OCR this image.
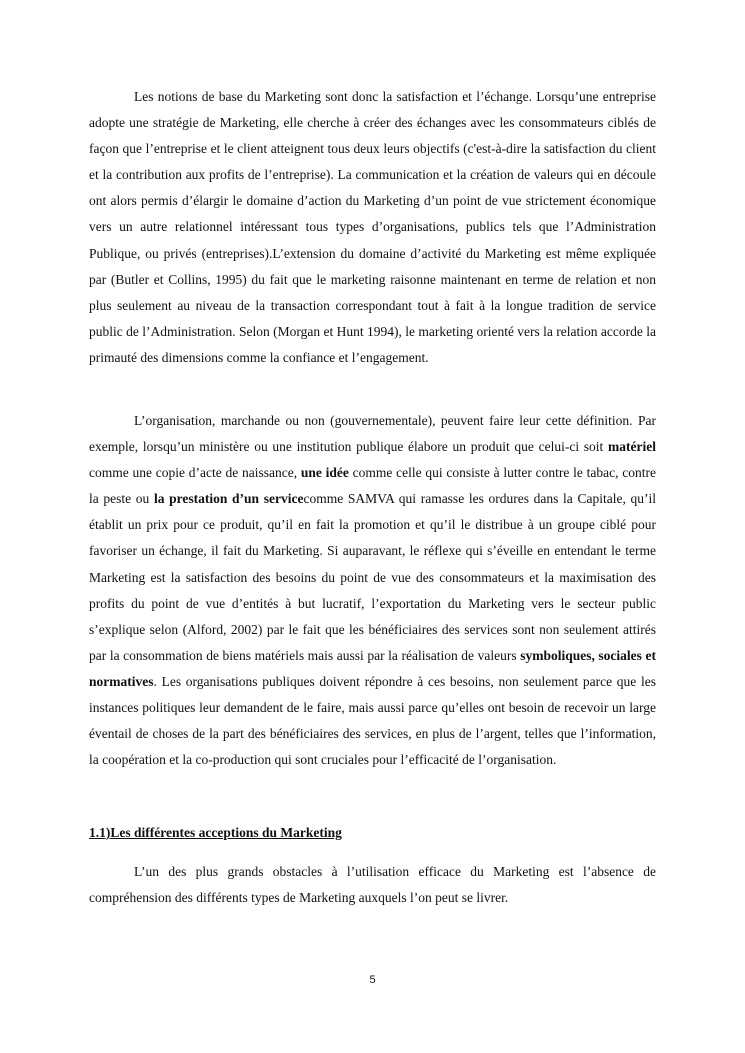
Les notions de base du Marketing sont donc la satisfaction et l’échange. Lorsqu’une entreprise adopte une stratégie de Marketing, elle cherche à créer des échanges avec les consommateurs ciblés de façon que l’entreprise et le client atteignent tous deux leurs objectifs (c'est-à-dire la satisfaction du client et la contribution aux profits de l’entreprise). La communication et la création de valeurs qui en découle ont alors permis d’élargir le domaine d’action du Marketing d’un point de vue strictement économique vers un autre relationnel intéressant tous types d’organisations, publics tels que l’Administration Publique, ou privés (entreprises).L’extension du domaine d’activité du Marketing est même expliquée par (Butler et Collins, 1995) du fait que le marketing raisonne maintenant en terme de relation et non plus seulement au niveau de la transaction correspondant tout à fait à la longue tradition de service public de l’Administration. Selon (Morgan et Hunt 1994), le marketing orienté vers la relation accorde la primauté des dimensions comme la confiance et l’engagement.

L’organisation, marchande ou non (gouvernementale), peuvent faire leur cette définition. Par exemple, lorsqu’un ministère ou une institution publique élabore un produit que celui-ci soit matériel comme une copie d’acte de naissance, une idée comme celle qui consiste à lutter contre le tabac, contre la peste ou la prestation d’un servicecomme SAMVA qui ramasse les ordures dans la Capitale, qu’il établit un prix pour ce produit, qu’il en fait la promotion et qu’il le distribue à un groupe ciblé pour favoriser un échange, il fait du Marketing. Si auparavant, le réflexe qui s’éveille en entendant le terme Marketing est la satisfaction des besoins du point de vue des consommateurs et la maximisation des profits du point de vue d’entités à but lucratif, l’exportation du Marketing vers le secteur public s’explique selon (Alford, 2002) par le fait que les bénéficiaires des services sont non seulement attirés par la consommation de biens matériels mais aussi par la réalisation de valeurs symboliques, sociales et normatives. Les organisations publiques doivent répondre à ces besoins, non seulement parce que les instances politiques leur demandent de le faire, mais aussi parce qu’elles ont besoin de recevoir un large éventail de choses de la part des bénéficiaires des services, en plus de l’argent, telles que l’information, la coopération et la co-production qui sont cruciales pour l’efficacité de l’organisation.

1.1)Les différentes acceptions du Marketing

L’un des plus grands obstacles à l’utilisation efficace du Marketing est l’absence de compréhension des différents types de Marketing auxquels l’on peut se livrer.

5
